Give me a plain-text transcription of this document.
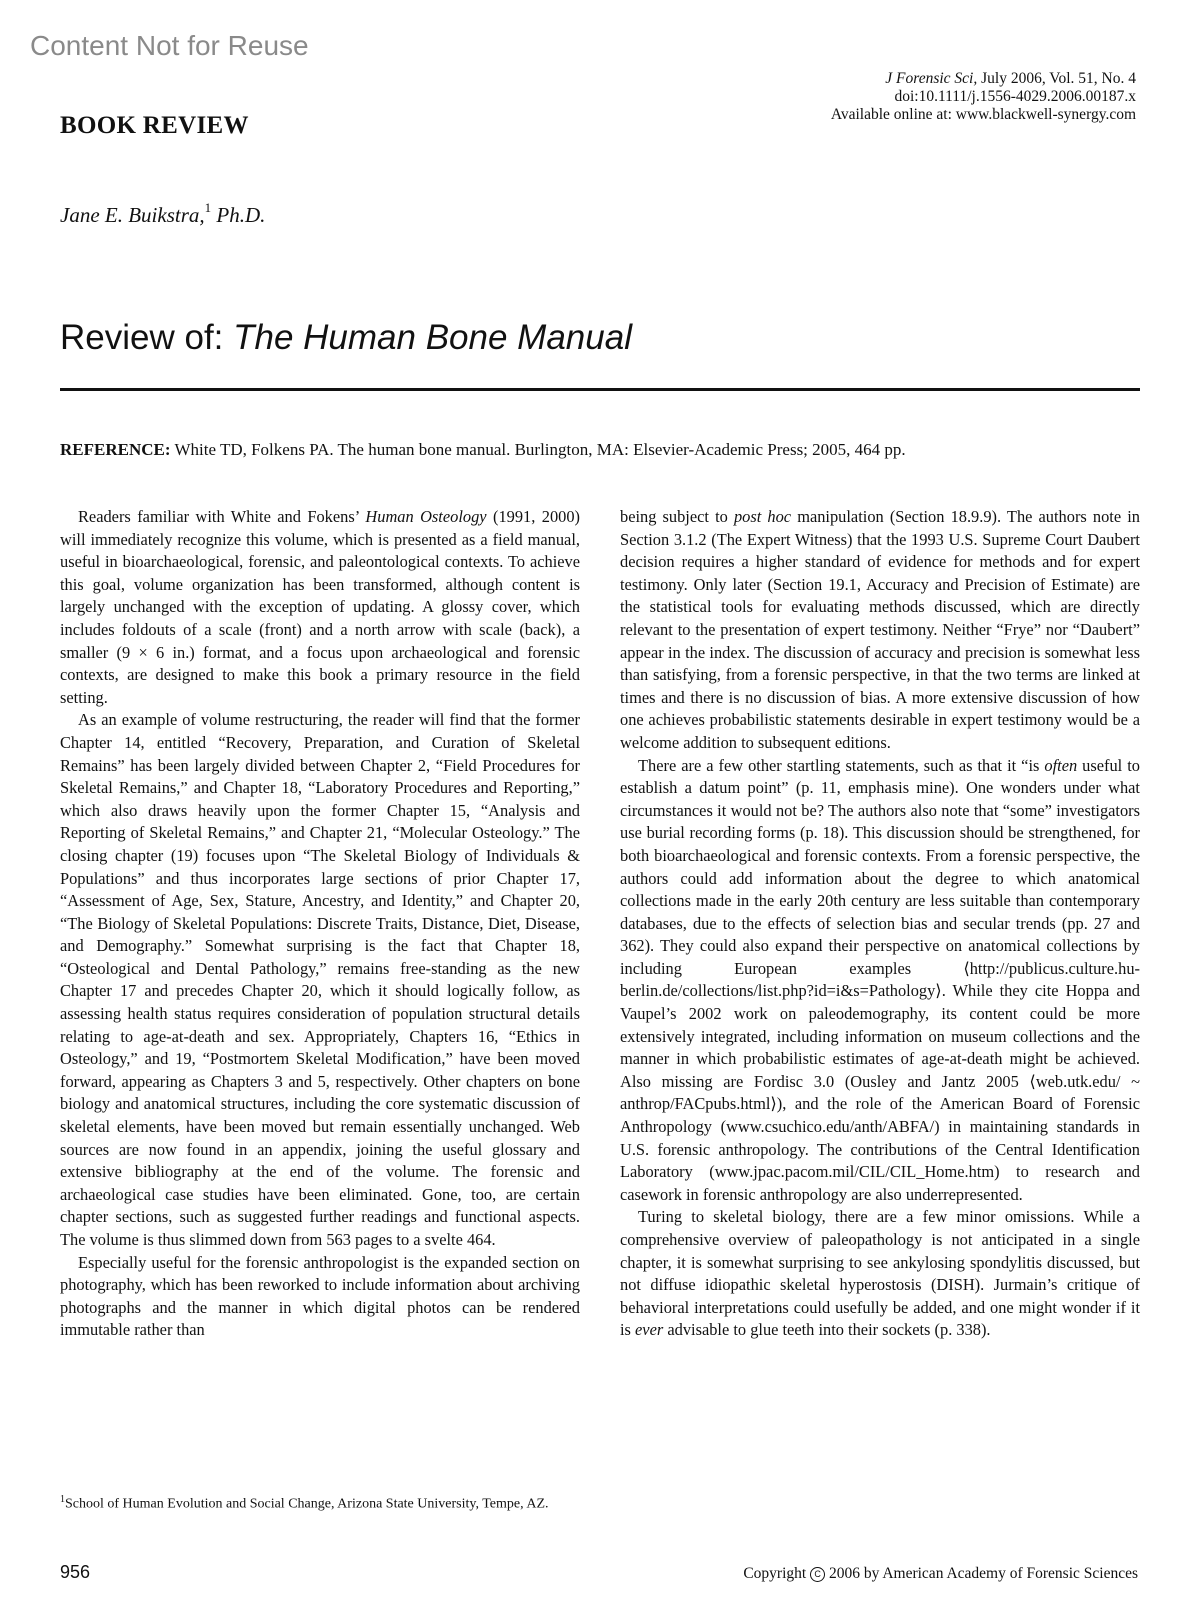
Content Not for Reuse
J Forensic Sci, July 2006, Vol. 51, No. 4
doi:10.1111/j.1556-4029.2006.00187.x
Available online at: www.blackwell-synergy.com
BOOK REVIEW
Jane E. Buikstra,$^1$ Ph.D.
Review of: The Human Bone Manual
REFERENCE: White TD, Folkens PA. The human bone manual. Burlington, MA: Elsevier-Academic Press; 2005, 464 pp.

Readers familiar with White and Fokens’ Human Osteology (1991, 2000) will immediately recognize this volume, which is presented as a field manual, useful in bioarchaeological, forensic, and paleontological contexts. To achieve this goal, volume organization has been transformed, although content is largely unchanged with the exception of updating. A glossy cover, which includes foldouts of a scale (front) and a north arrow with scale (back), a smaller (9 × 6 in.) format, and a focus upon archaeological and forensic contexts, are designed to make this book a primary resource in the field setting.

As an example of volume restructuring, the reader will find that the former Chapter 14, entitled “Recovery, Preparation, and Curation of Skeletal Remains” has been largely divided between Chapter 2, “Field Procedures for Skeletal Remains,” and Chapter 18, “Laboratory Procedures and Reporting,” which also draws heavily upon the former Chapter 15, “Analysis and Reporting of Skeletal Remains,” and Chapter 21, “Molecular Osteology.” The closing chapter (19) focuses upon “The Skeletal Biology of Individuals & Populations” and thus incorporates large sections of prior Chapter 17, “Assessment of Age, Sex, Stature, Ancestry, and Identity,” and Chapter 20, “The Biology of Skeletal Populations: Discrete Traits, Distance, Diet, Disease, and Demography.” Somewhat surprising is the fact that Chapter 18, “Osteological and Dental Pathology,” remains free-standing as the new Chapter 17 and precedes Chapter 20, which it should logically follow, as assessing health status requires consideration of population structural details relating to age-at-death and sex. Appropriately, Chapters 16, “Ethics in Osteology,” and 19, “Postmortem Skeletal Modification,” have been moved forward, appearing as Chapters 3 and 5, respectively. Other chapters on bone biology and anatomical structures, including the core systematic discussion of skeletal elements, have been moved but remain essentially unchanged. Web sources are now found in an appendix, joining the useful glossary and extensive bibliography at the end of the volume. The forensic and archaeological case studies have been eliminated. Gone, too, are certain chapter sections, such as suggested further readings and functional aspects. The volume is thus slimmed down from 563 pages to a svelte 464.

Especially useful for the forensic anthropologist is the expanded section on photography, which has been reworked to include information about archiving photographs and the manner in which digital photos can be rendered immutable rather than

being subject to post hoc manipulation (Section 18.9.9). The authors note in Section 3.1.2 (The Expert Witness) that the 1993 U.S. Supreme Court Daubert decision requires a higher standard of evidence for methods and for expert testimony. Only later (Section 19.1, Accuracy and Precision of Estimate) are the statistical tools for evaluating methods discussed, which are directly relevant to the presentation of expert testimony. Neither “Frye” nor “Daubert” appear in the index. The discussion of accuracy and precision is somewhat less than satisfying, from a forensic perspective, in that the two terms are linked at times and there is no discussion of bias. A more extensive discussion of how one achieves probabilistic statements desirable in expert testimony would be a welcome addition to subsequent editions.

There are a few other startling statements, such as that it “is often useful to establish a datum point” (p. 11, emphasis mine). One wonders under what circumstances it would not be? The authors also note that “some” investigators use burial recording forms (p. 18). This discussion should be strengthened, for both bioarchaeological and forensic contexts. From a forensic perspective, the authors could add information about the degree to which anatomical collections made in the early 20th century are less suitable than contemporary databases, due to the effects of selection bias and secular trends (pp. 27 and 362). They could also expand their perspective on anatomical collections by including European examples ⟨http://publicus.culture.hu-berlin.de/collections/list.php?id=i&s=Pathology⟩. While they cite Hoppa and Vaupel’s 2002 work on paleodemography, its content could be more extensively integrated, including information on museum collections and the manner in which probabilistic estimates of age-at-death might be achieved. Also missing are Fordisc 3.0 (Ousley and Jantz 2005 ⟨web.utk.edu/ ~ anthrop/FACpubs.html⟩), and the role of the American Board of Forensic Anthropology (www.csuchico.edu/anth/ABFA/) in maintaining standards in U.S. forensic anthropology. The contributions of the Central Identification Laboratory (www.jpac.pacom.mil/CIL/CIL_Home.htm) to research and casework in forensic anthropology are also underrepresented.

Turing to skeletal biology, there are a few minor omissions. While a comprehensive overview of paleopathology is not anticipated in a single chapter, it is somewhat surprising to see ankylosing spondylitis discussed, but not diffuse idiopathic skeletal hyperostosis (DISH). Jurmain’s critique of behavioral interpretations could usefully be added, and one might wonder if it is ever advisable to glue teeth into their sockets (p. 338).

$^1$School of Human Evolution and Social Change, Arizona State University, Tempe, AZ.
956	Copyright C 2006 by American Academy of Forensic Sciences
